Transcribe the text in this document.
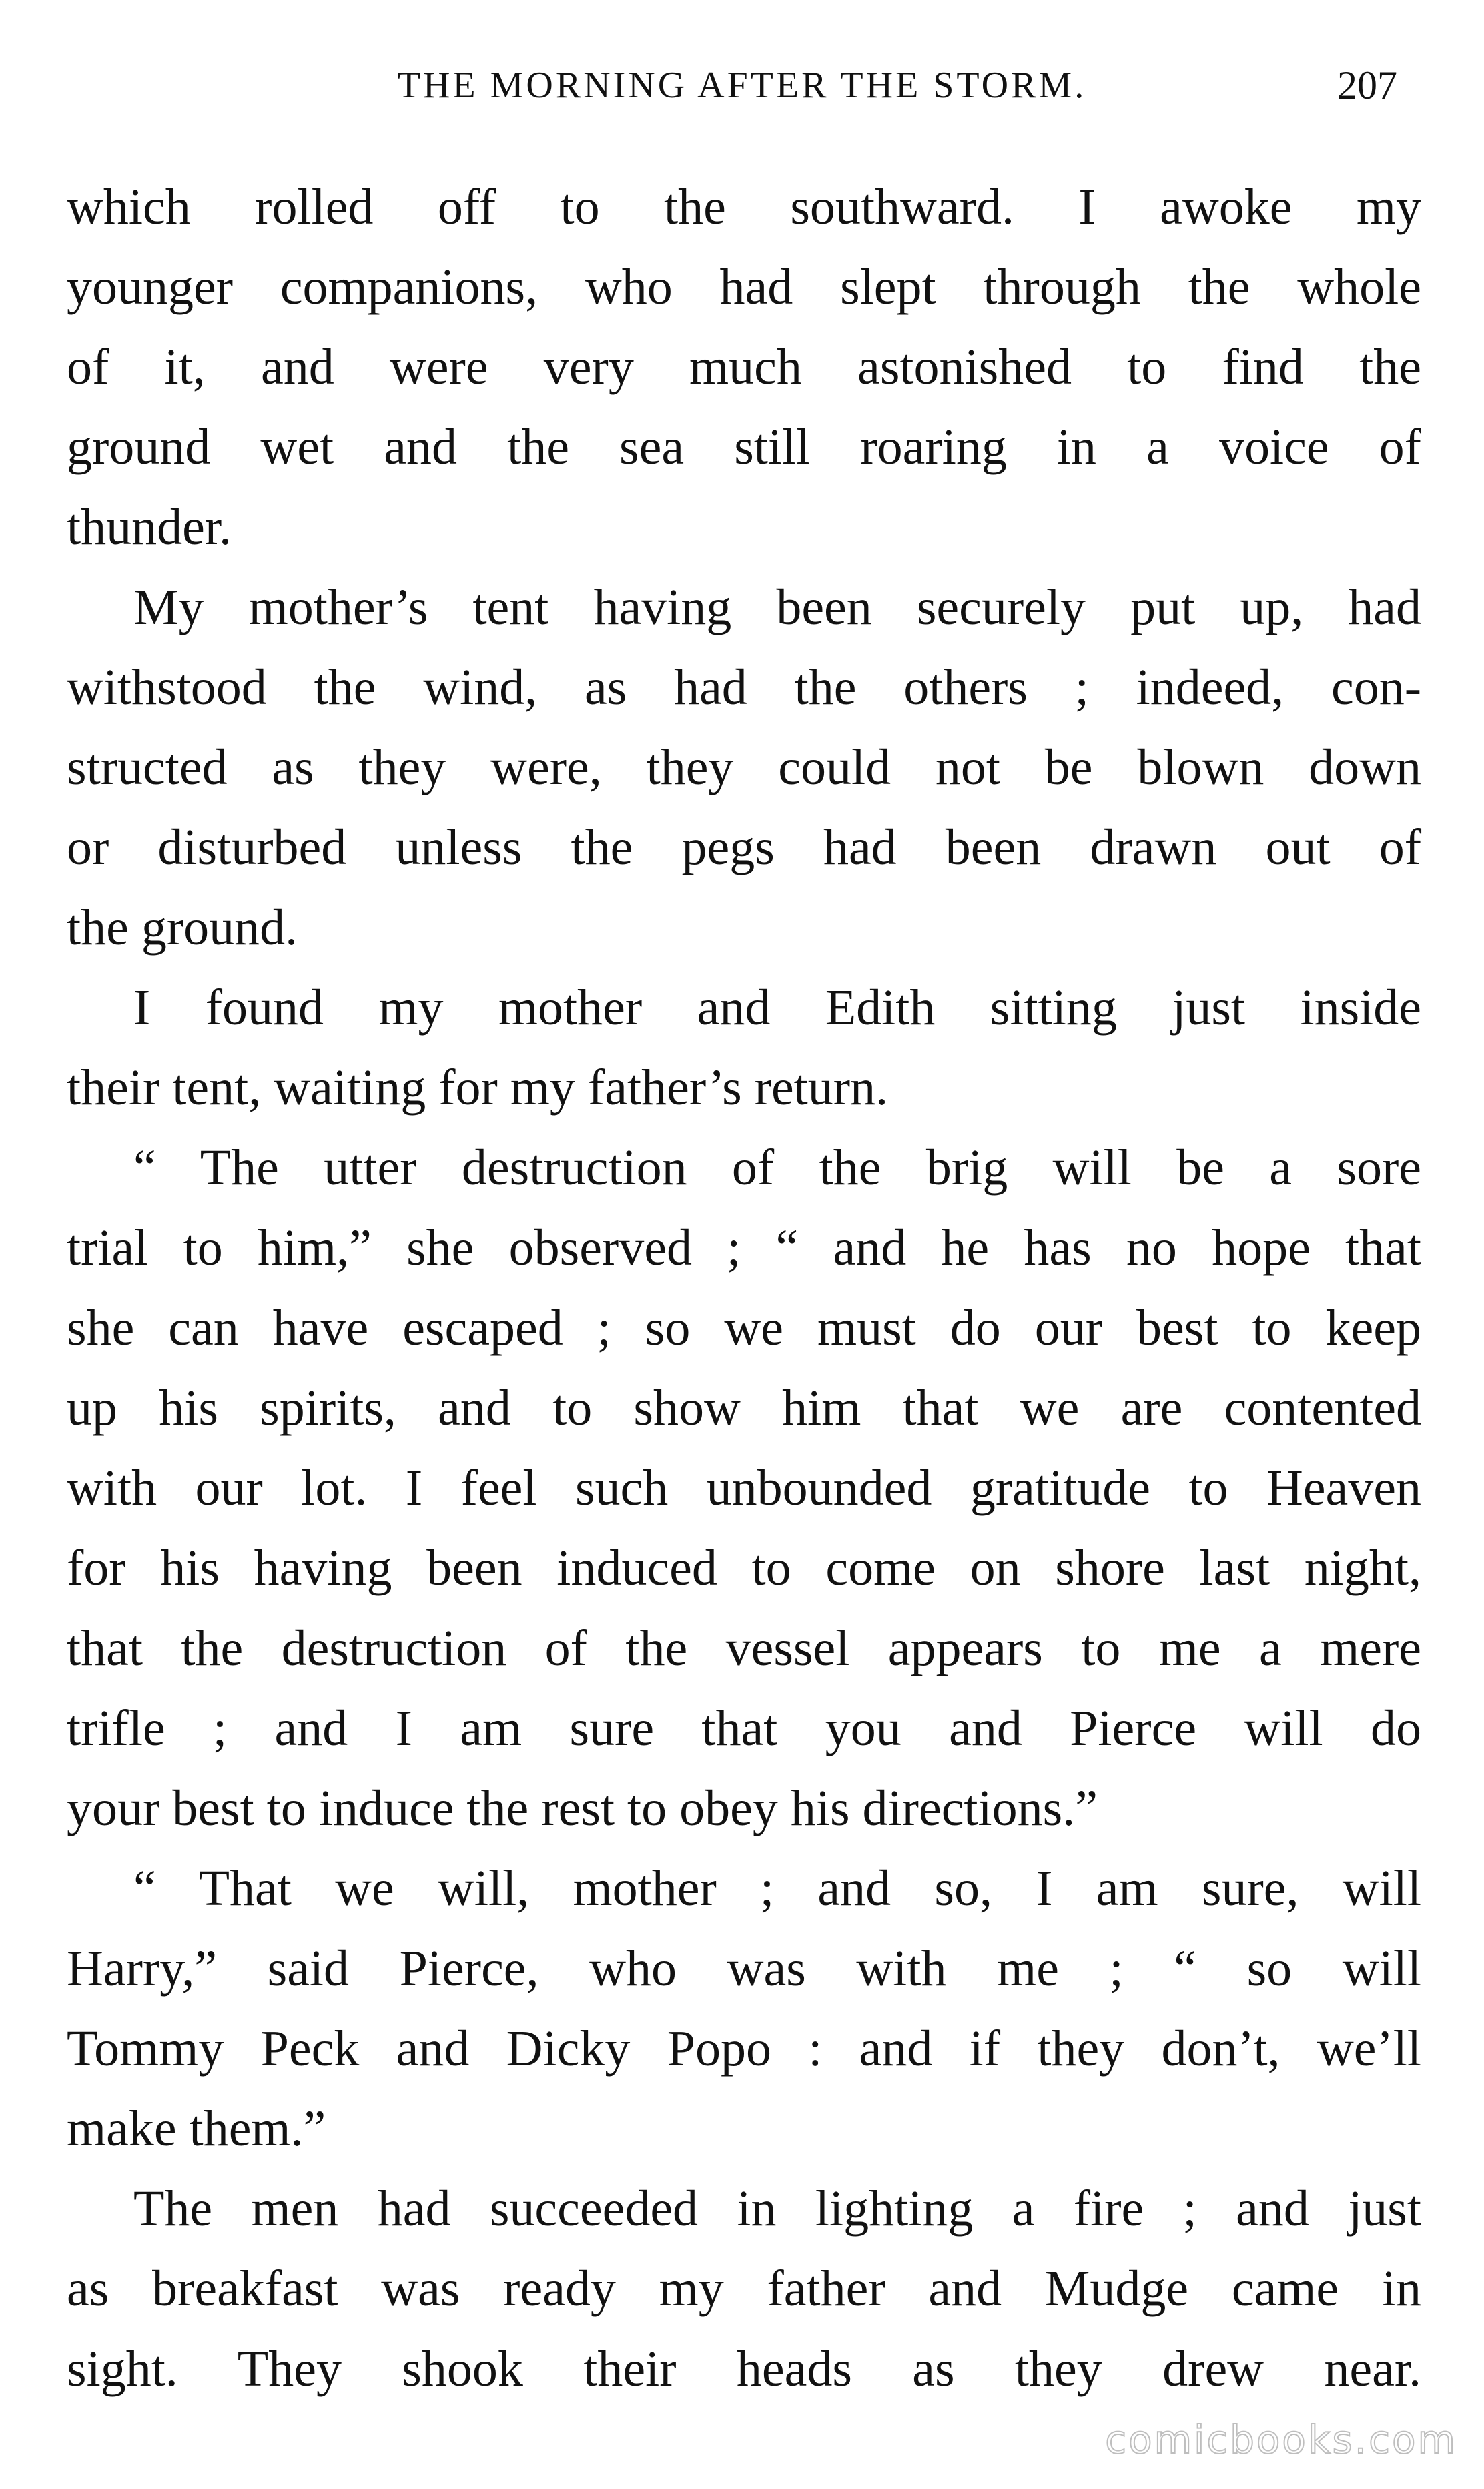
THE MORNING AFTER THE STORM.	207
which rolled off to the southward. I awoke my
younger companions, who had slept through the whole
of it, and were very much astonished to find the
ground wet and the sea still roaring in a voice of
thunder.
My mother’s tent having been securely put up, had
withstood the wind, as had the others ; indeed, con-
structed as they were, they could not be blown down
or disturbed unless the pegs had been drawn out of
the ground.
I found my mother and Edith sitting just inside
their tent, waiting for my father’s return.
“ The utter destruction of the brig will be a sore
trial to him,” she observed ; “ and he has no hope that
she can have escaped ; so we must do our best to keep
up his spirits, and to show him that we are contented
with our lot. I feel such unbounded gratitude to Heaven
for his having been induced to come on shore last night,
that the destruction of the vessel appears to me a mere
trifle ; and I am sure that you and Pierce will do
your best to induce the rest to obey his directions.”
“ That we will, mother ; and so, I am sure, will
Harry,” said Pierce, who was with me ; “ so will
Tommy Peck and Dicky Popo : and if they don’t, we’ll
make them.”
The men had succeeded in lighting a fire ; and just
as breakfast was ready my father and Mudge came in
sight. They shook their heads as they drew near.
comicbooks.com
